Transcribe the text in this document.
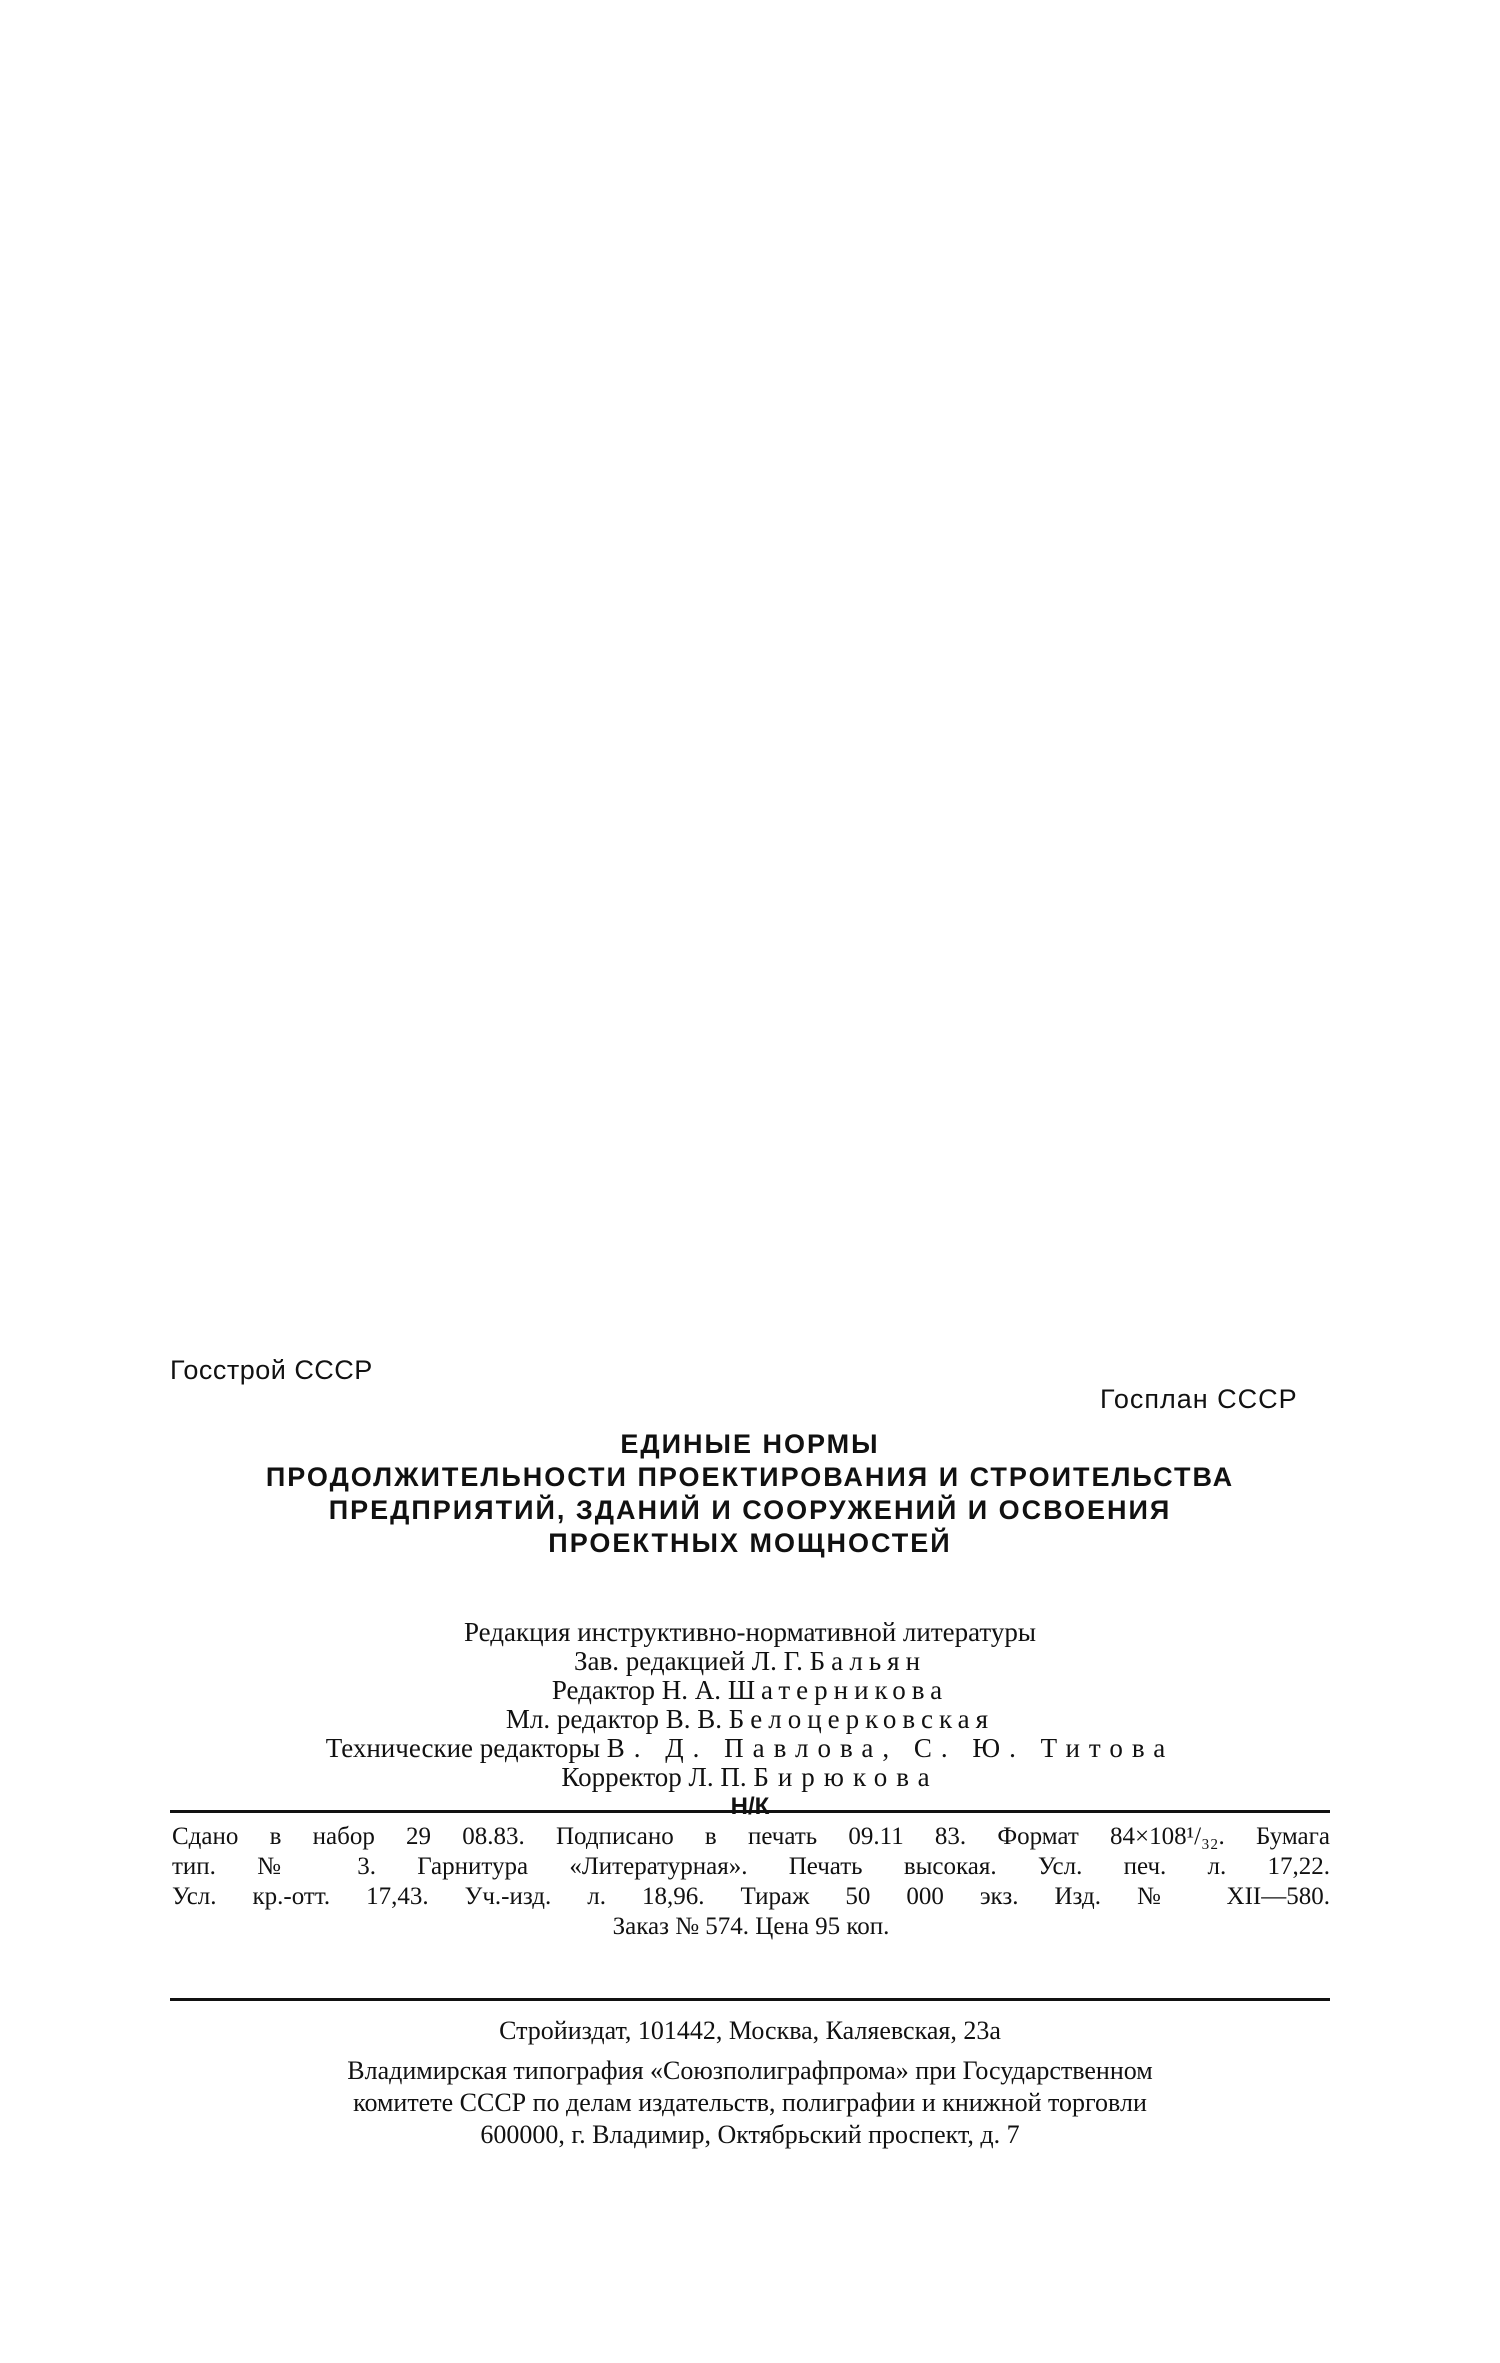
Госстрой СССР
Госплан СССР
ЕДИНЫЕ НОРМЫ
ПРОДОЛЖИТЕЛЬНОСТИ ПРОЕКТИРОВАНИЯ И СТРОИТЕЛЬСТВА
ПРЕДПРИЯТИЙ, ЗДАНИЙ И СООРУЖЕНИЙ И ОСВОЕНИЯ
ПРОЕКТНЫХ МОЩНОСТЕЙ
Редакция инструктивно-нормативной литературы
Зав. редакцией Л. Г. Бальян
Редактор Н. А. Шатерникова
Мл. редактор В. В. Белоцерковская
Технические редакторы В. Д. Павлова, С. Ю. Титова
Корректор Л. П. Бирюкова
Н/К
Сдано в набор 29 08.83. Подписано в печать 09.11 83. Формат 84×108¹/₃₂. Бумага
тип. № 3. Гарнитура «Литературная». Печать высокая. Усл. печ. л. 17,22.
Усл. кр.-отт. 17,43. Уч.-изд. л. 18,96. Тираж 50 000 экз. Изд. № XII—580.
Заказ № 574. Цена 95 коп.
Стройиздат, 101442, Москва, Каляевская, 23а
Владимирская типография «Союзполиграфпрома» при Государственном
комитете СССР по делам издательств, полиграфии и книжной торговли
600000, г. Владимир, Октябрьский проспект, д. 7
